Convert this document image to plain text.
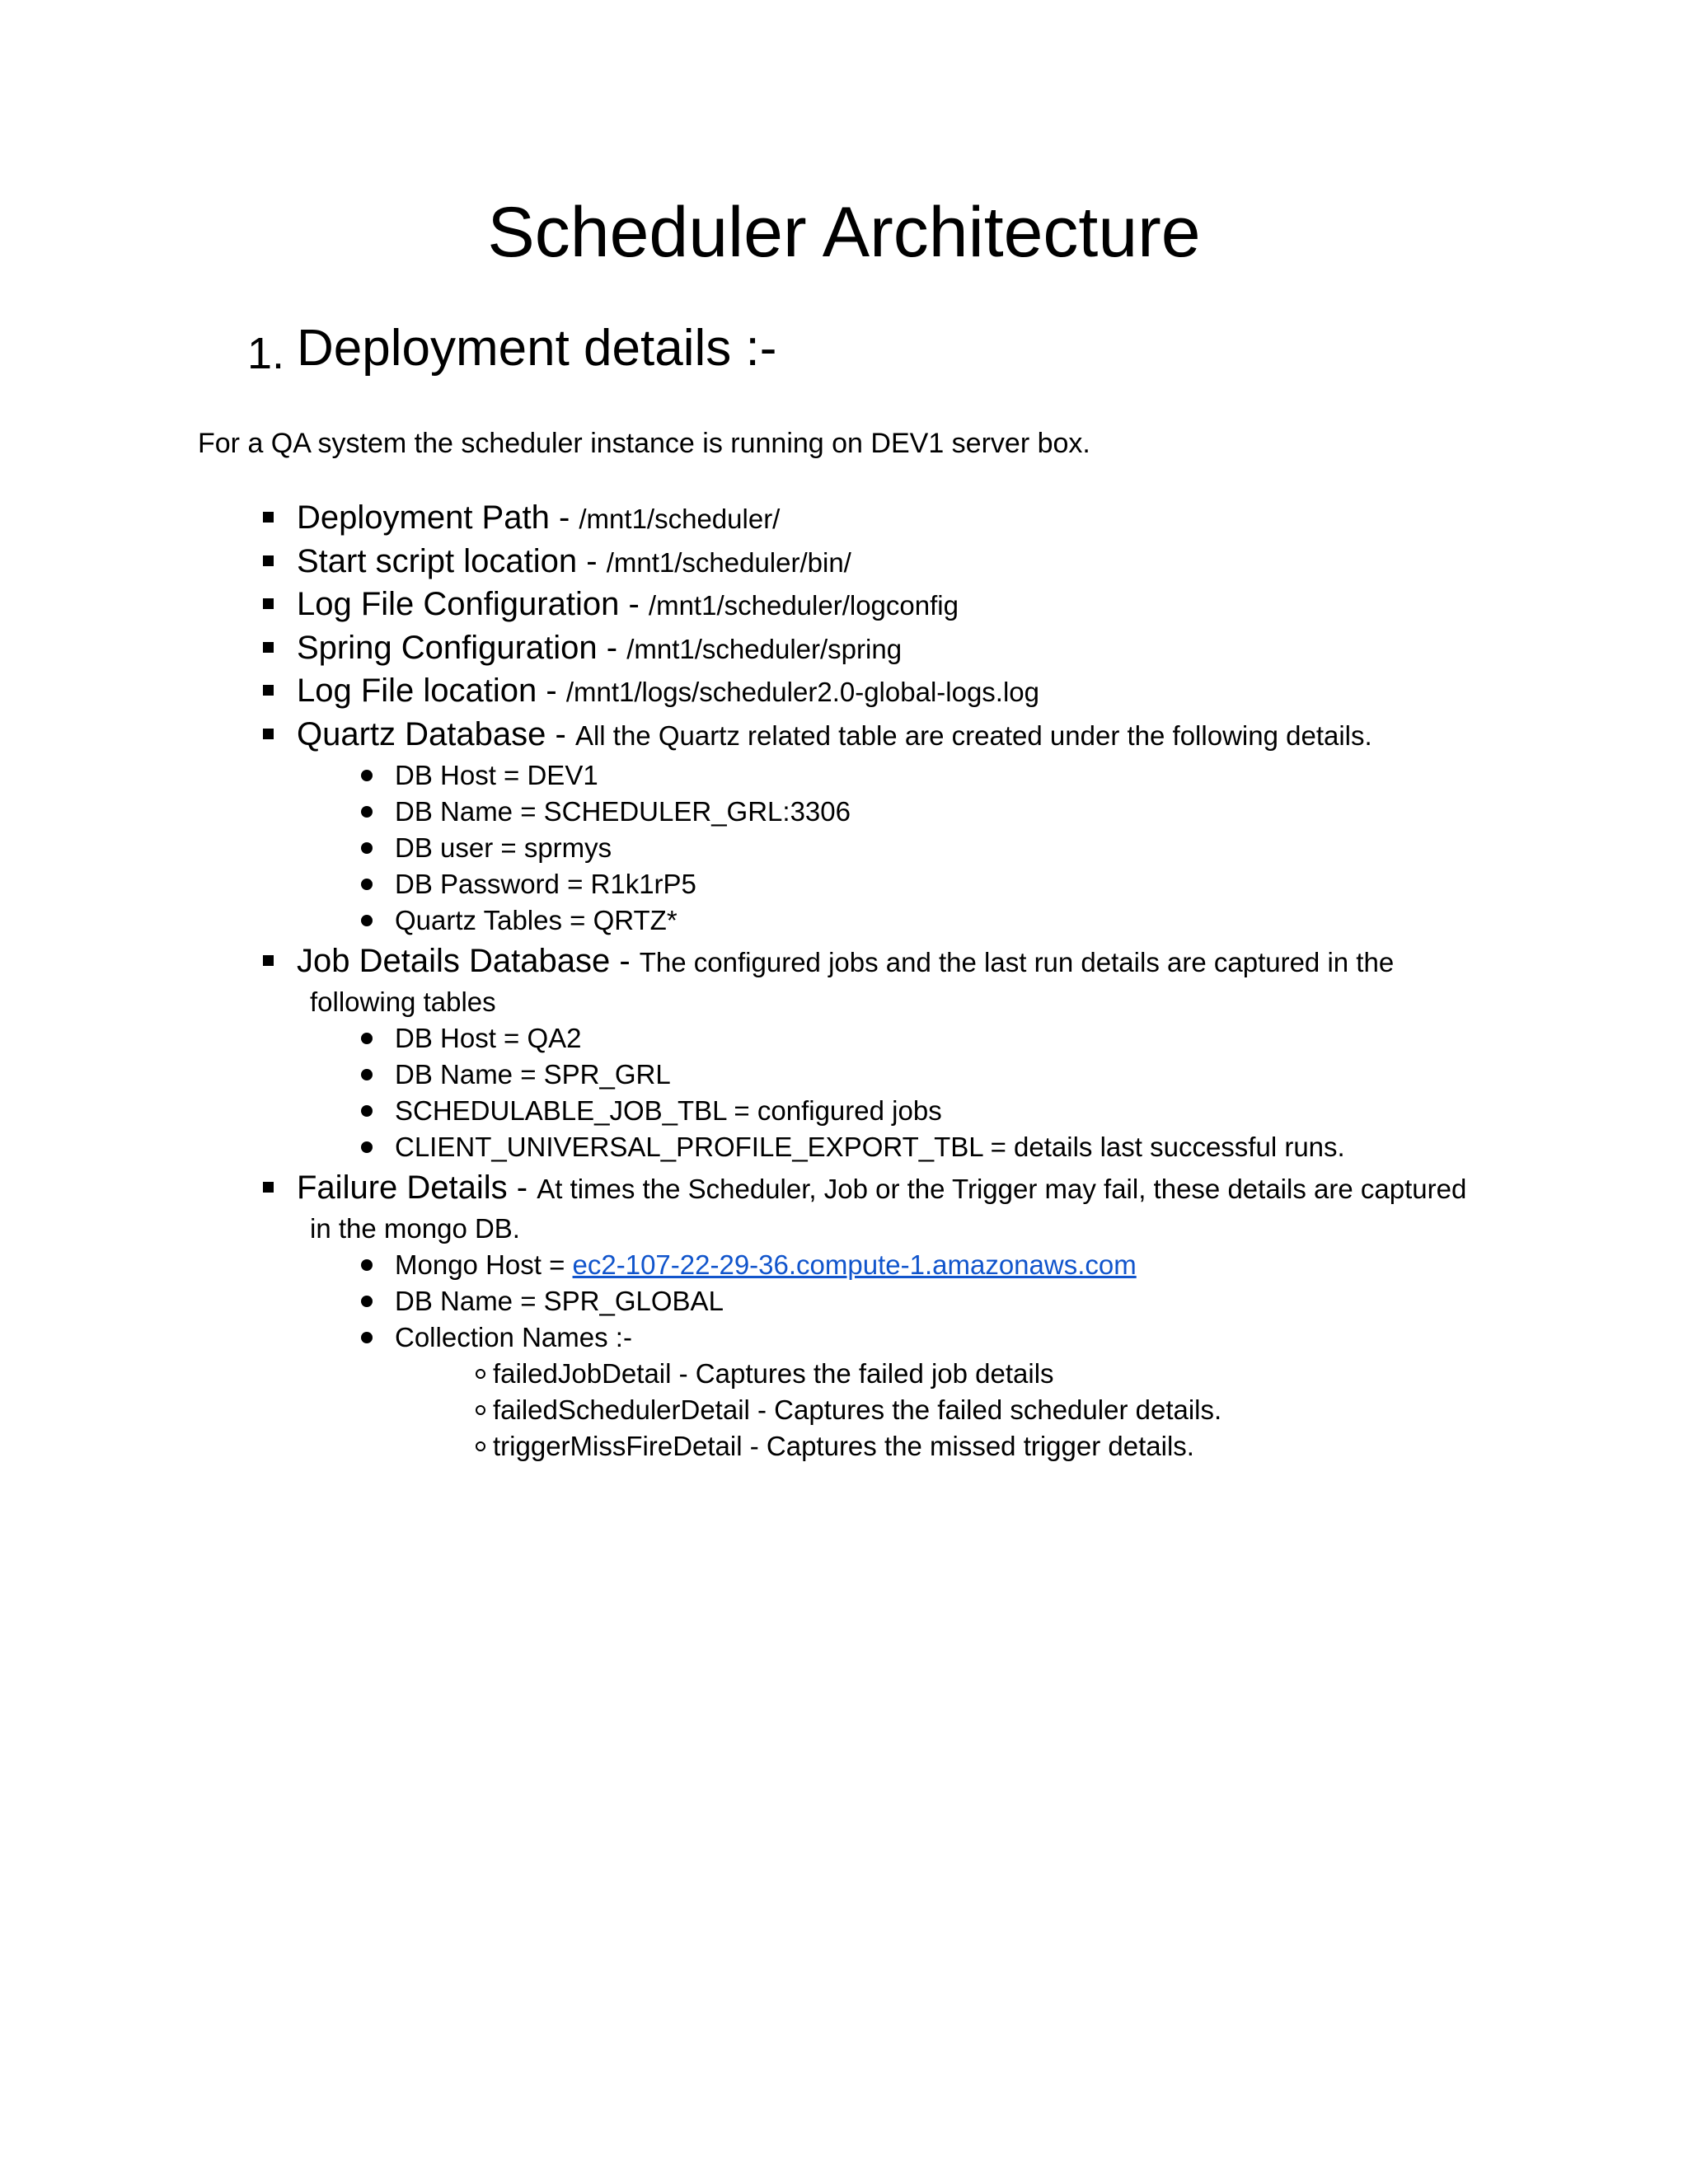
Scheduler Architecture
1. Deployment details :-
For a QA system the scheduler instance is running on DEV1 server box.
Deployment Path - /mnt1/scheduler/
Start script location - /mnt1/scheduler/bin/
Log File Configuration - /mnt1/scheduler/logconfig
Spring Configuration - /mnt1/scheduler/spring
Log File location - /mnt1/logs/scheduler2.0-global-logs.log
Quartz Database - All the Quartz related table are created under the following details.
DB Host = DEV1
DB Name = SCHEDULER_GRL:3306
DB user = sprmys
DB Password = R1k1rP5
Quartz Tables = QRTZ*
Job Details Database - The configured jobs and the last run details are captured in the
following tables
DB Host = QA2
DB Name = SPR_GRL
SCHEDULABLE_JOB_TBL = configured jobs
CLIENT_UNIVERSAL_PROFILE_EXPORT_TBL = details last successful runs.
Failure Details - At times the Scheduler, Job or the Trigger may fail, these details are captured
in the mongo DB.
Mongo Host = ec2-107-22-29-36.compute-1.amazonaws.com
DB Name = SPR_GLOBAL
Collection Names :-
failedJobDetail - Captures the failed job details
failedSchedulerDetail - Captures the failed scheduler details.
triggerMissFireDetail - Captures the missed trigger details.
